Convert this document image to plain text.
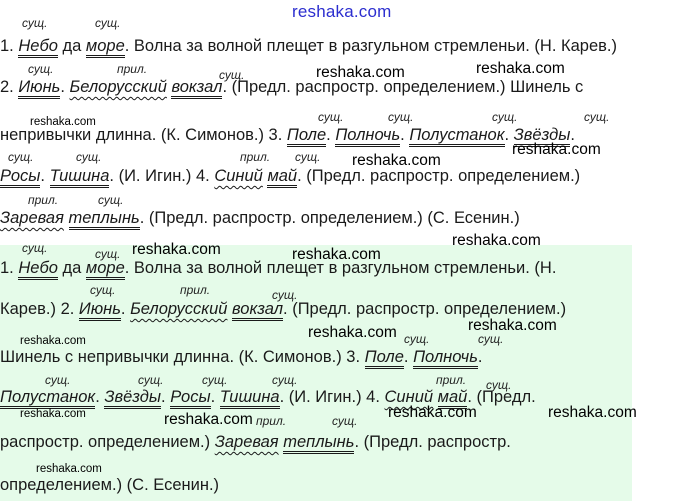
reshaka.com
сущ.	сущ.
1. Небо да море. Волна за волной плещет в разгульном стремленьи. (Н. Карев.)
сущ.	прил.	сущ.
2. Июнь. Белорусский вокзал. (Предл. распростр. определением.) Шинель с
сущ.	сущ.	сущ.	сущ.
непривычки длинна. (К. Симонов.) 3. Поле. Полночь. Полустанок. Звёзды.
сущ.	сущ.	прил. сущ.
Росы. Тишина. (И. Игин.) 4. Синий май. (Предл. распростр. определением.)
прил.	сущ.
Заревая теплынь. (Предл. распростр. определением.) (С. Есенин.)
сущ.	сущ.
1. Небо да море. Волна за волной плещет в разгульном стремленьи. (Н.
сущ.	прил.	сущ.
Карев.) 2. Июнь. Белорусский вокзал. (Предл. распростр. определением.)
сущ.	сущ.
Шинель с непривычки длинна. (К. Симонов.) 3. Поле. Полночь.
сущ.	сущ.	сущ.	сущ.	прил. сущ.
Полустанок. Звёзды. Росы. Тишина. (И. Игин.) 4. Синий май. (Предл.
прил.	сущ.
распростр. определением.) Заревая теплынь. (Предл. распростр.
определением.) (С. Есенин.)
reshaka.com	reshaka.com
reshaka.com
reshaka.com
reshaka.com
reshaka.com
reshaka.com
reshaka.com
reshaka.com
reshaka.com
reshaka.com
reshaka.com	reshaka.com	reshaka.com
reshaka.com
reshaka.com
